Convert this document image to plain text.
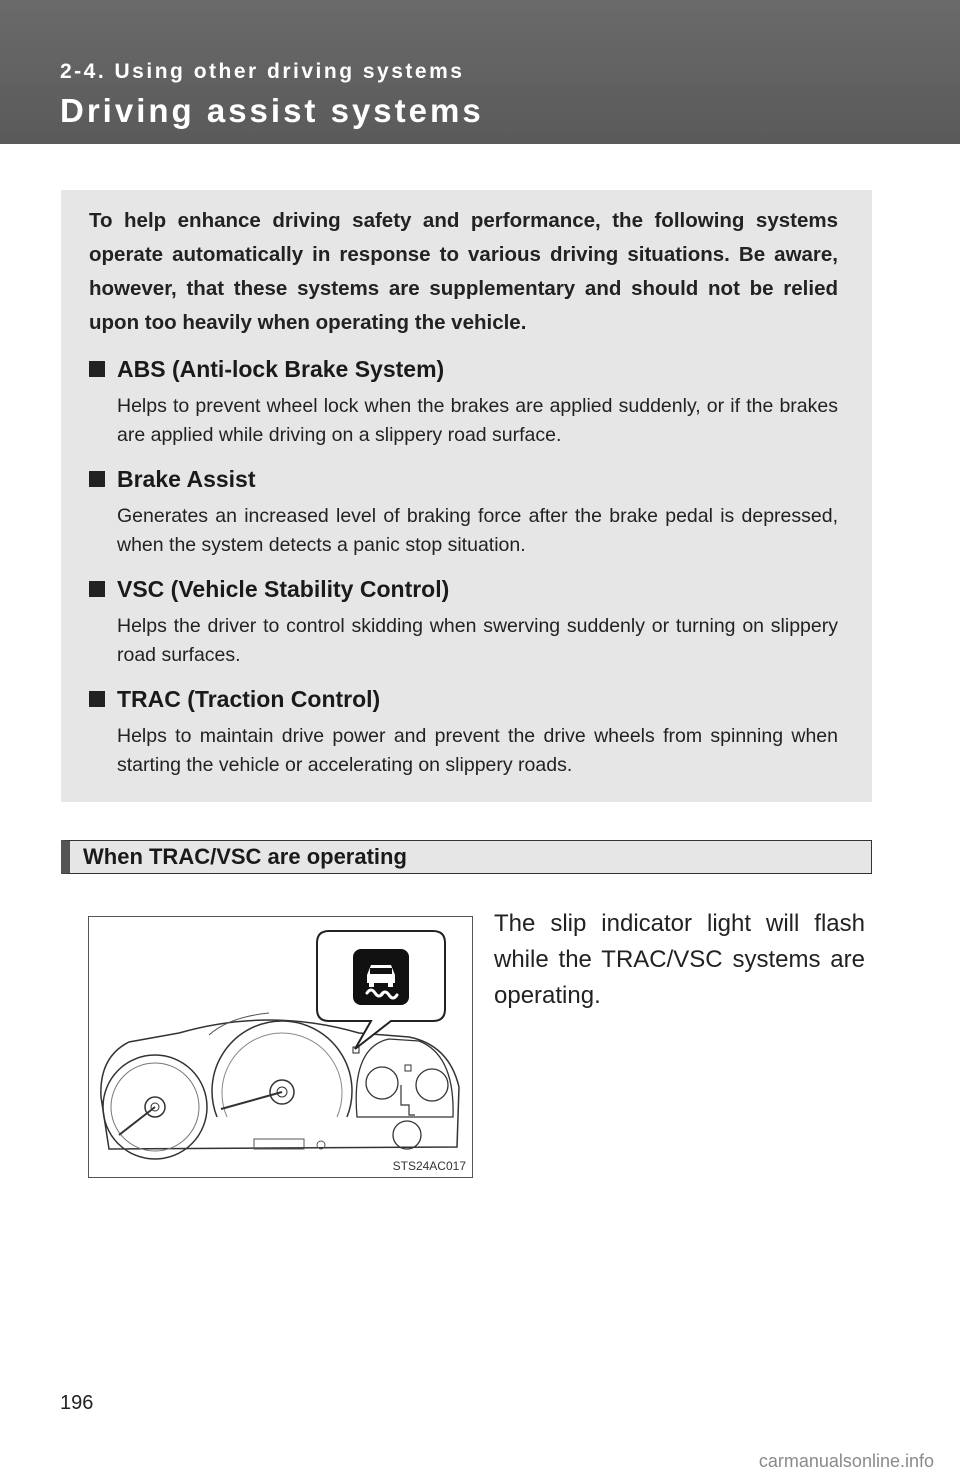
2-4. Using other driving systems
Driving assist systems

To help enhance driving safety and performance, the following systems operate automatically in response to various driving situations. Be aware, however, that these systems are supplementary and should not be relied upon too heavily when operating the vehicle.

ABS (Anti-lock Brake System)

Helps to prevent wheel lock when the brakes are applied suddenly, or if the brakes are applied while driving on a slippery road surface.

Brake Assist

Generates an increased level of braking force after the brake pedal is depressed, when the system detects a panic stop situation.

VSC (Vehicle Stability Control)

Helps the driver to control skidding when swerving suddenly or turning on slippery road surfaces.

TRAC (Traction Control)

Helps to maintain drive power and prevent the drive wheels from spinning when starting the vehicle or accelerating on slippery roads.

When TRAC/VSC are operating
STS24AC017
The slip indicator light will flash while the TRAC/VSC systems are operating.
196
carmanualsonline.info
